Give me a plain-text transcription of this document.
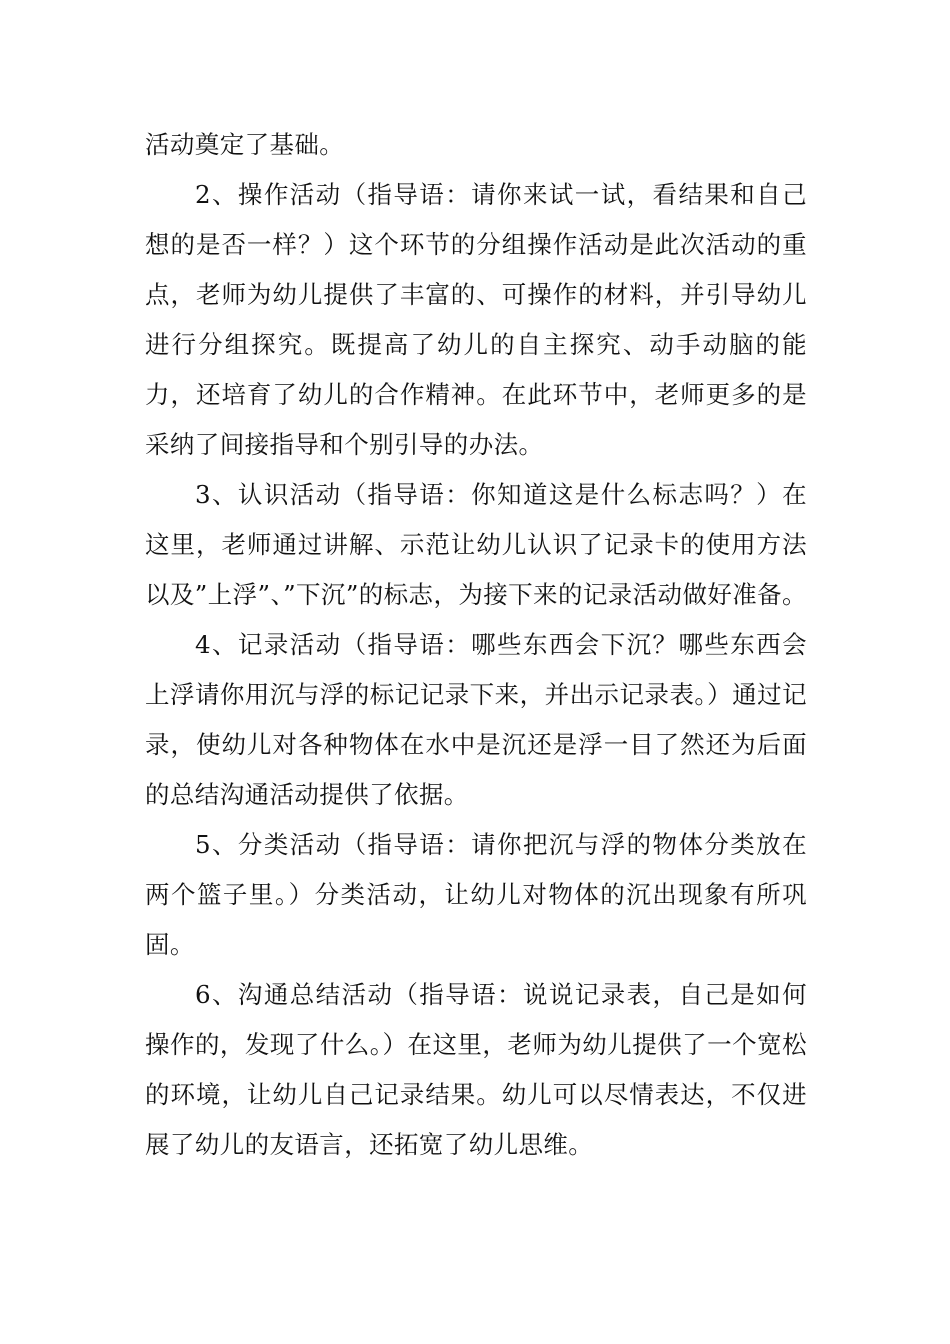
活动奠定了基础。

2、操作活动（指导语：请你来试一试，看结果和自己想的是否一样？）这个环节的分组操作活动是此次活动的重点，老师为幼儿提供了丰富的、可操作的材料，并引导幼儿进行分组探究。既提高了幼儿的自主探究、动手动脑的能力，还培育了幼儿的合作精神。在此环节中，老师更多的是采纳了间接指导和个别引导的办法。

3、认识活动（指导语：你知道这是什么标志吗？）在这里，老师通过讲解、示范让幼儿认识了记录卡的使用方法以及”上浮”、”下沉”的标志，为接下来的记录活动做好准备。

4、记录活动（指导语：哪些东西会下沉？哪些东西会上浮请你用沉与浮的标记记录下来，并出示记录表。）通过记录，使幼儿对各种物体在水中是沉还是浮一目了然还为后面的总结沟通活动提供了依据。

5、分类活动（指导语：请你把沉与浮的物体分类放在两个篮子里。）分类活动，让幼儿对物体的沉出现象有所巩固。

6、沟通总结活动（指导语：说说记录表，自己是如何操作的，发现了什么。）在这里，老师为幼儿提供了一个宽松的环境，让幼儿自己记录结果。幼儿可以尽情表达，不仅进展了幼儿的友语言，还拓宽了幼儿思维。
